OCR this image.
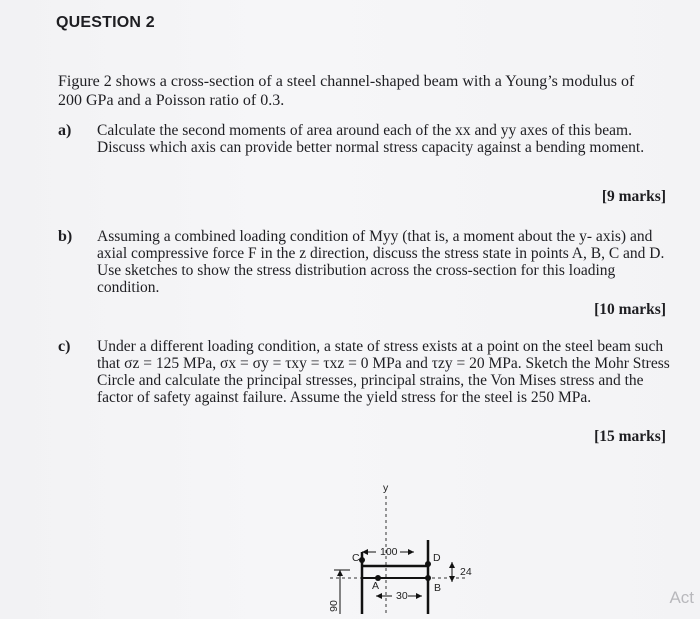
QUESTION 2
Figure 2 shows a cross-section of a steel channel-shaped beam with a Young’s modulus of 200 GPa and a Poisson ratio of 0.3.
a) Calculate the second moments of area around each of the xx and yy axes of this beam. Discuss which axis can provide better normal stress capacity against a bending moment.
[9 marks]
b) Assuming a combined loading condition of Myy (that is, a moment about the y- axis) and axial compressive force F in the z direction, discuss the stress state in points A, B, C and D. Use sketches to show the stress distribution across the cross-section for this loading condition.
[10 marks]
c) Under a different loading condition, a state of stress exists at a point on the steel beam such that σz = 125 MPa, σx = σy = τxy = τxz = 0 MPa and τzy = 20 MPa. Sketch the Mohr Stress Circle and calculate the principal stresses, principal strains, the Von Mises stress and the factor of safety against failure. Assume the yield stress for the steel is 250 MPa.
[15 marks]
y
100
24
30
90
A	B
C	D
Act
